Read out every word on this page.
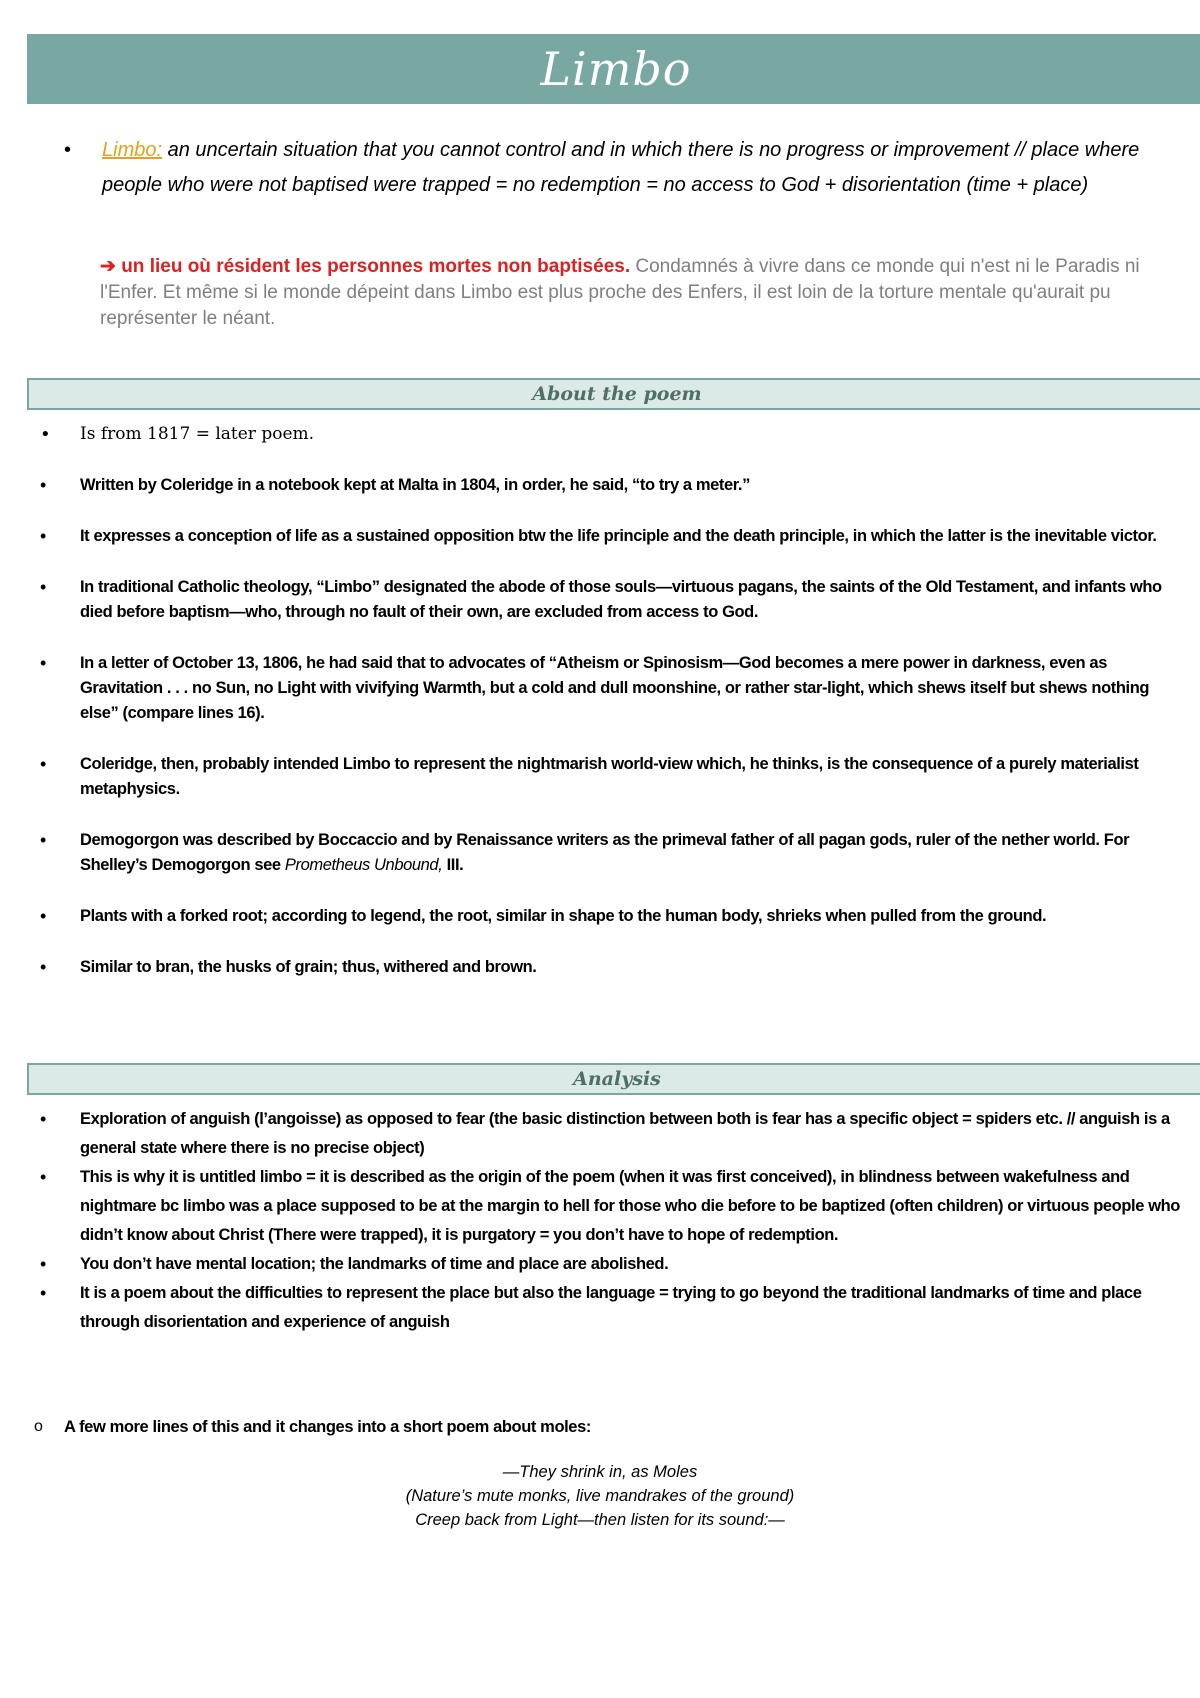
Limbo
• Limbo: an uncertain situation that you cannot control and in which there is no progress or improvement // place where people who were not baptised were trapped = no redemption = no access to God + disorientation (time + place)
➔ un lieu où résident les personnes mortes non baptisées. Condamnés à vivre dans ce monde qui n'est ni le Paradis ni l'Enfer. Et même si le monde dépeint dans Limbo est plus proche des Enfers, il est loin de la torture mentale qu'aurait pu représenter le néant.
About the poem
• Is from 1817 = later poem.
• Written by Coleridge in a notebook kept at Malta in 1804, in order, he said, “to try a meter.”
• It expresses a conception of life as a sustained opposition btw the life principle and the death principle, in which the latter is the inevitable victor.
• In traditional Catholic theology, “Limbo” designated the abode of those souls—virtuous pagans, the saints of the Old Testament, and infants who died before baptism—who, through no fault of their own, are excluded from access to God.
• In a letter of October 13, 1806, he had said that to advocates of “Atheism or Spinosism—God becomes a mere power in darkness, even as Gravitation . . . no Sun, no Light with vivifying Warmth, but a cold and dull moonshine, or rather star-light, which shews itself but shews nothing else” (compare lines 16).
• Coleridge, then, probably intended Limbo to represent the nightmarish world-view which, he thinks, is the consequence of a purely materialist metaphysics.
• Demogorgon was described by Boccaccio and by Renaissance writers as the primeval father of all pagan gods, ruler of the nether world. For Shelley’s Demogorgon see Prometheus Unbound, III.
• Plants with a forked root; according to legend, the root, similar in shape to the human body, shrieks when pulled from the ground.
• Similar to bran, the husks of grain; thus, withered and brown.
Analysis
• Exploration of anguish (l’angoisse) as opposed to fear (the basic distinction between both is fear has a specific object = spiders etc. // anguish is a general state where there is no precise object)
• This is why it is untitled limbo = it is described as the origin of the poem (when it was first conceived), in blindness between wakefulness and nightmare bc limbo was a place supposed to be at the margin to hell for those who die before to be baptized (often children) or virtuous people who didn’t know about Christ (There were trapped), it is purgatory = you don’t have to hope of redemption.
• You don’t have mental location; the landmarks of time and place are abolished.
• It is a poem about the difficulties to represent the place but also the language = trying to go beyond the traditional landmarks of time and place through disorientation and experience of anguish
o A few more lines of this and it changes into a short poem about moles:
—They shrink in, as Moles
(Nature’s mute monks, live mandrakes of the ground)
Creep back from Light—then listen for its sound:—
